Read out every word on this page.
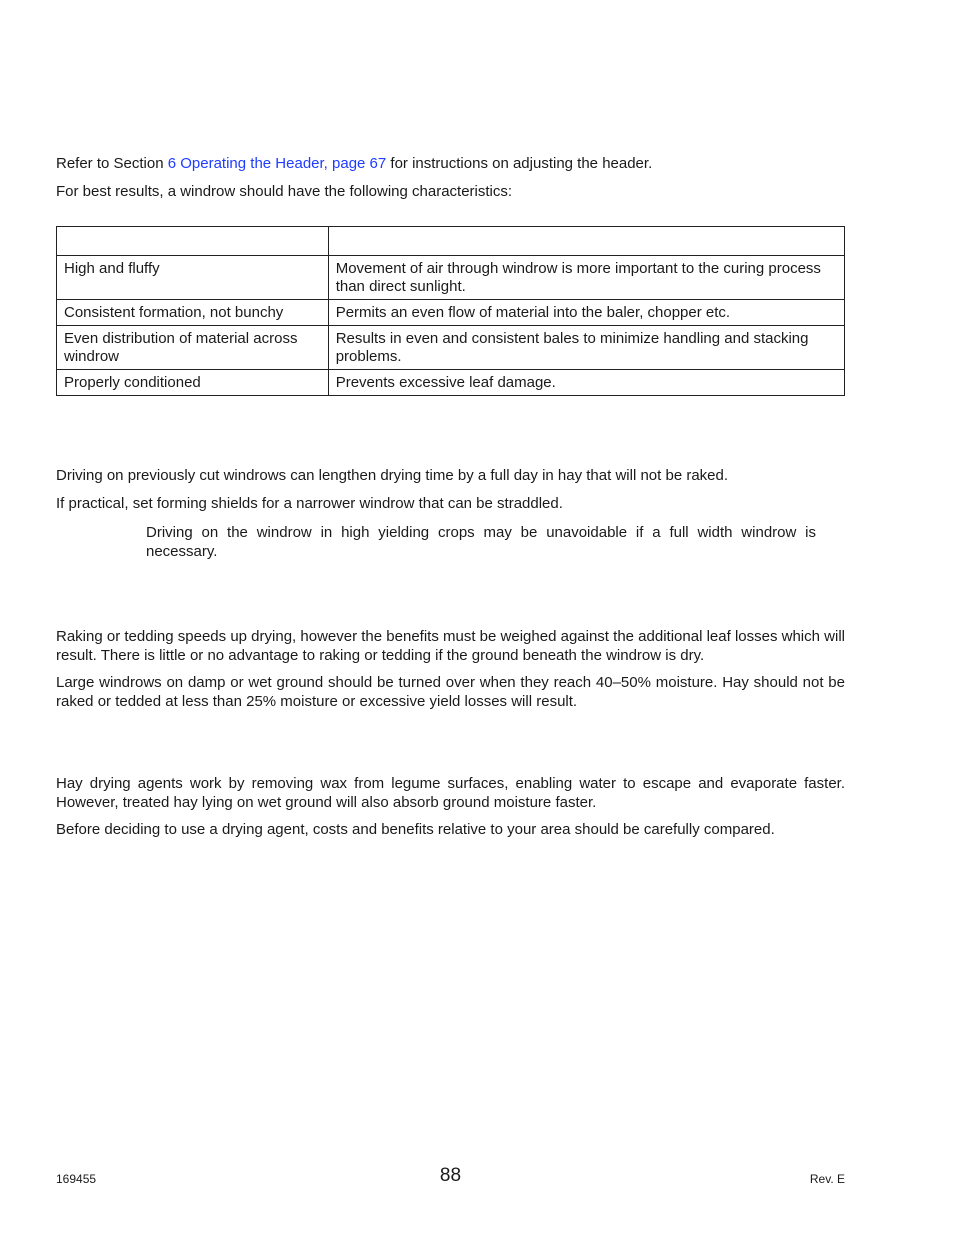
Refer to Section 6 Operating the Header, page 67 for instructions on adjusting the header.

For best results, a windrow should have the following characteristics:

High and fluffy	Movement of air through windrow is more important to the curing process than direct sunlight.
Consistent formation, not bunchy	Permits an even flow of material into the baler, chopper etc.
Even distribution of material across windrow	Results in even and consistent bales to minimize handling and stacking problems.
Properly conditioned	Prevents excessive leaf damage.

Driving on previously cut windrows can lengthen drying time by a full day in hay that will not be raked.

If practical, set forming shields for a narrower windrow that can be straddled.

Driving on the windrow in high yielding crops may be unavoidable if a full width windrow is necessary.

Raking or tedding speeds up drying, however the benefits must be weighed against the additional leaf losses which will result. There is little or no advantage to raking or tedding if the ground beneath the windrow is dry.

Large windrows on damp or wet ground should be turned over when they reach 40–50% moisture. Hay should not be raked or tedded at less than 25% moisture or excessive yield losses will result.

Hay drying agents work by removing wax from legume surfaces, enabling water to escape and evaporate faster. However, treated hay lying on wet ground will also absorb ground moisture faster.

Before deciding to use a drying agent, costs and benefits relative to your area should be carefully compared.

169455	88	Rev. E
